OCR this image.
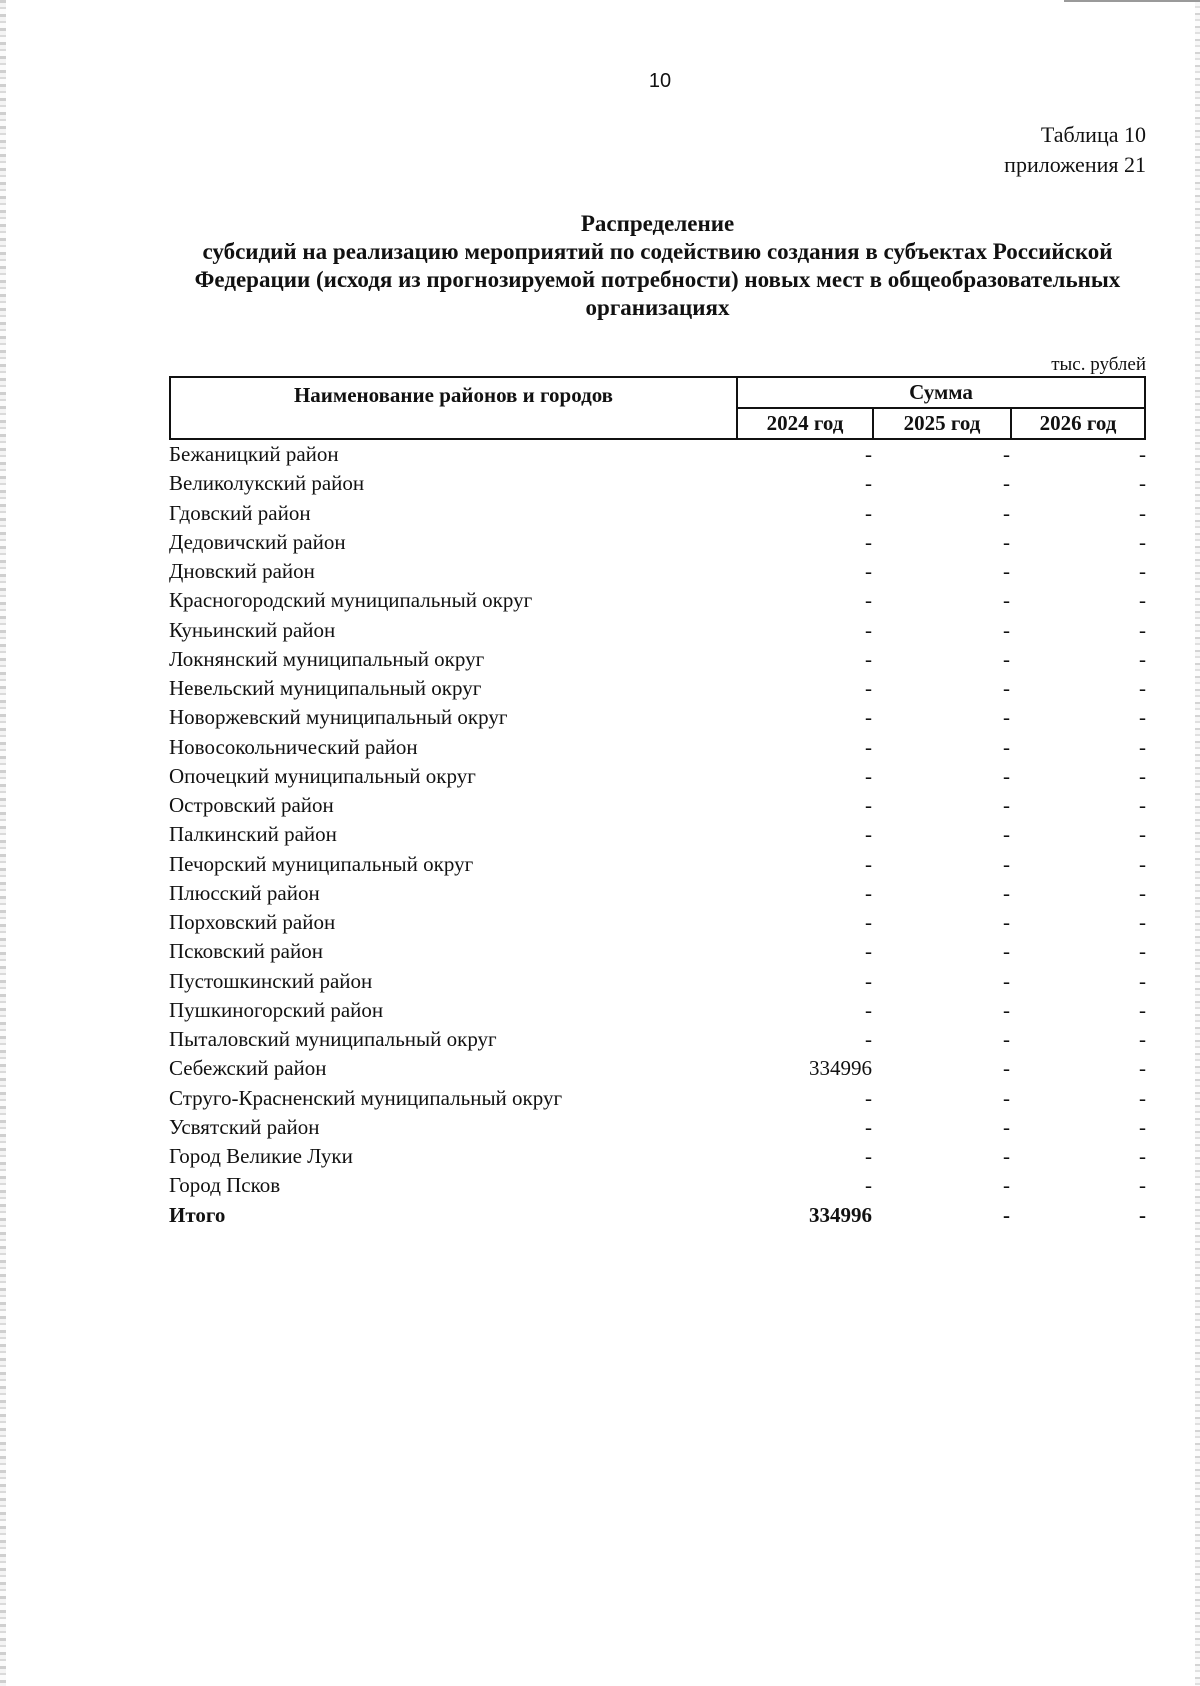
10
Таблица 10
приложения 21
Распределение
субсидий на реализацию мероприятий по содействию создания в субъектах Российской Федерации (исходя из прогнозируемой потребности) новых мест в общеобразовательных организациях
тыс. рублей
Наименование районов и городов	Сумма
2024 год	2025 год	2026 год
Бежаницкий район	-	-	-
Великолукский район	-	-	-
Гдовский район	-	-	-
Дедовичский район	-	-	-
Дновский район	-	-	-
Красногородский муниципальный округ	-	-	-
Куньинский район	-	-	-
Локнянский муниципальный округ	-	-	-
Невельский муниципальный округ	-	-	-
Новоржевский муниципальный округ	-	-	-
Новосокольнический район	-	-	-
Опочецкий муниципальный округ	-	-	-
Островский район	-	-	-
Палкинский район	-	-	-
Печорский муниципальный округ	-	-	-
Плюсский район	-	-	-
Порховский район	-	-	-
Псковский район	-	-	-
Пустошкинский район	-	-	-
Пушкиногорский район	-	-	-
Пыталовский муниципальный округ	-	-	-
Себежский район	334996	-	-
Струго-Красненский муниципальный округ	-	-	-
Усвятский район	-	-	-
Город Великие Луки	-	-	-
Город Псков	-	-	-
Итого	334996	-	-
